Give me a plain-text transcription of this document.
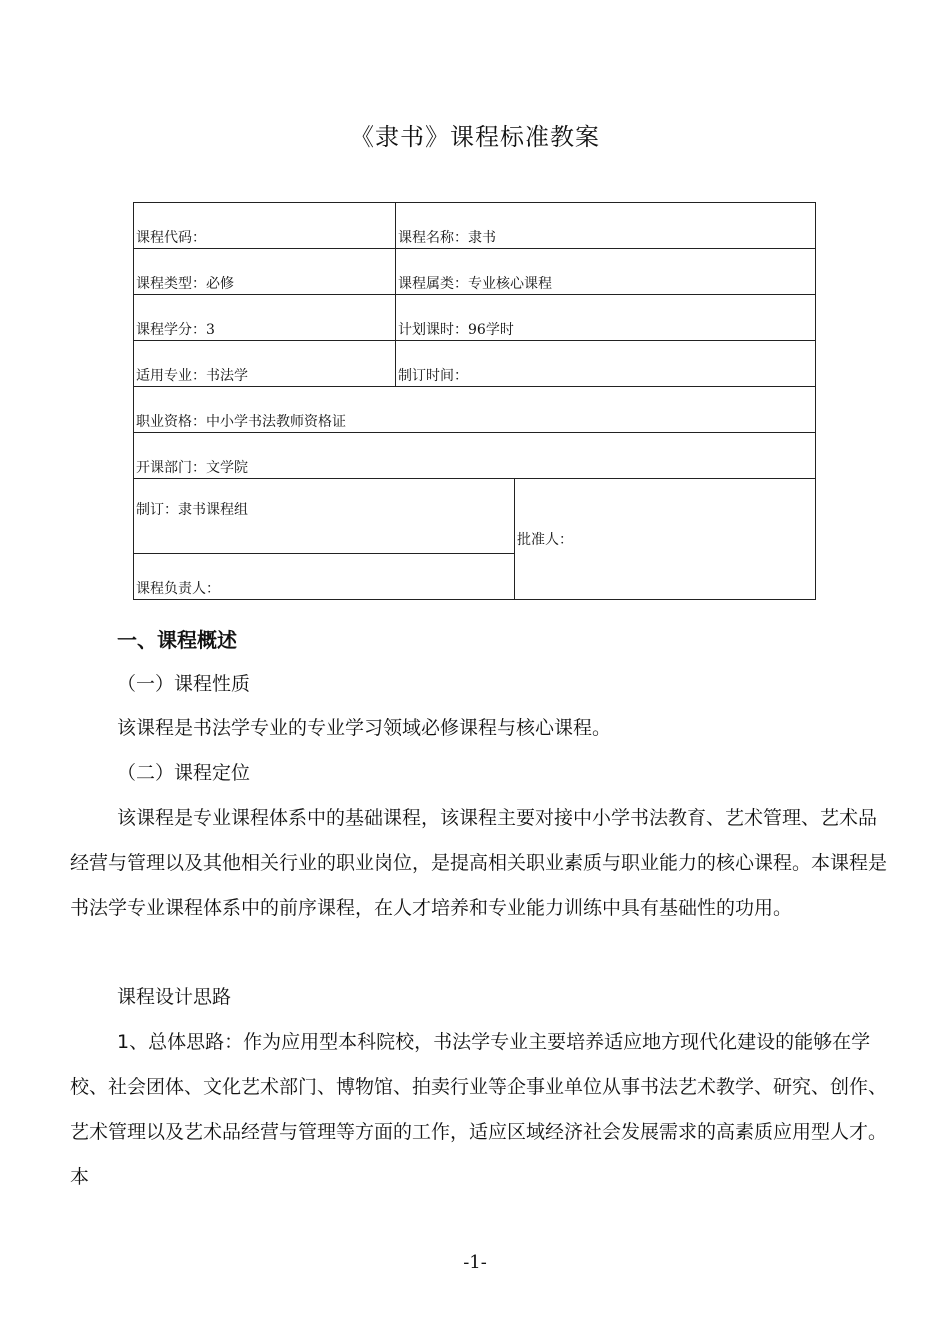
《隶书》课程标准教案
课程代码：	课程名称：隶书	
课程类型：必修	课程属类：专业核心课程	
课程学分：3	计划课时：96学时	
适用专业：书法学	制订时间：	
职业资格：中小学书法教师资格证		
开课部门：文学院		
制订：隶书课程组		批准人：
课程负责人：		
一、课程概述

（一）课程性质

该课程是书法学专业的专业学习领域必修课程与核心课程。

（二）课程定位

该课程是专业课程体系中的基础课程，该课程主要对接中小学书法教育、艺术管理、艺术品经营与管理以及其他相关行业的职业岗位，是提高相关职业素质与职业能力的核心课程。本课程是书法学专业课程体系中的前序课程，在人才培养和专业能力训练中具有基础性的功用。

课程设计思路

1、总体思路：作为应用型本科院校，书法学专业主要培养适应地方现代化建设的能够在学校、社会团体、文化艺术部门、博物馆、拍卖行业等企事业单位从事书法艺术教学、研究、创作、艺术管理以及艺术品经营与管理等方面的工作，适应区域经济社会发展需求的高素质应用型人才。本

-1-
